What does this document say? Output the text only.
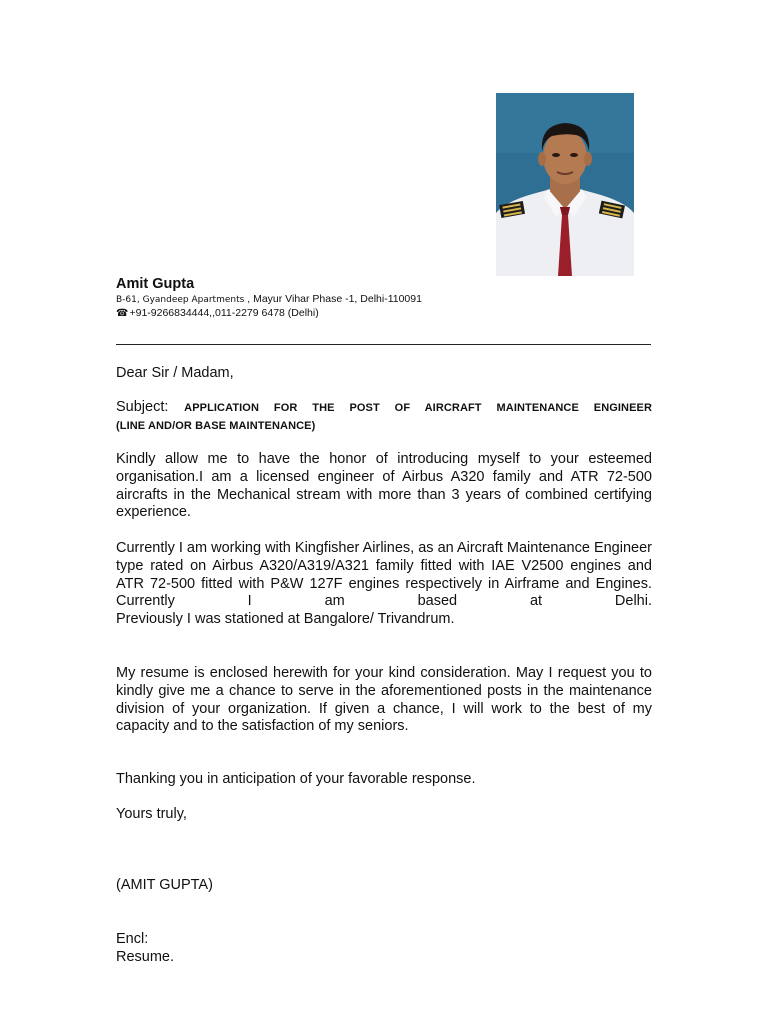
Amit Gupta
B-61, Gyandeep Apartments , Mayur Vihar Phase -1, Delhi-110091
☎+91-9266834444,,011-2279 6478 (Delhi)
Dear Sir / Madam,
Subject: APPLICATION FOR THE POST OF AIRCRAFT MAINTENANCE ENGINEER
(LINE AND/OR BASE MAINTENANCE)
Kindly allow me to have the honor of introducing myself to your esteemed organisation.I am a licensed engineer of Airbus A320 family and ATR 72-500 aircrafts in the Mechanical stream with more than 3 years of combined certifying experience.
Currently I am working with Kingfisher Airlines, as an Aircraft Maintenance Engineer type rated on Airbus A320/A319/A321 family fitted with IAE V2500 engines and ATR 72-500 fitted with P&W 127F engines respectively in Airframe and Engines. Currently I am based at Delhi.
Previously I was stationed at Bangalore/ Trivandrum.
My resume is enclosed herewith for your kind consideration. May I request you to kindly give me a chance to serve in the aforementioned posts in the maintenance division of your organization. If given a chance, I will work to the best of my capacity and to the satisfaction of my seniors.
Thanking you in anticipation of your favorable response.
Yours truly,
(AMIT GUPTA)
Encl:
Resume.
